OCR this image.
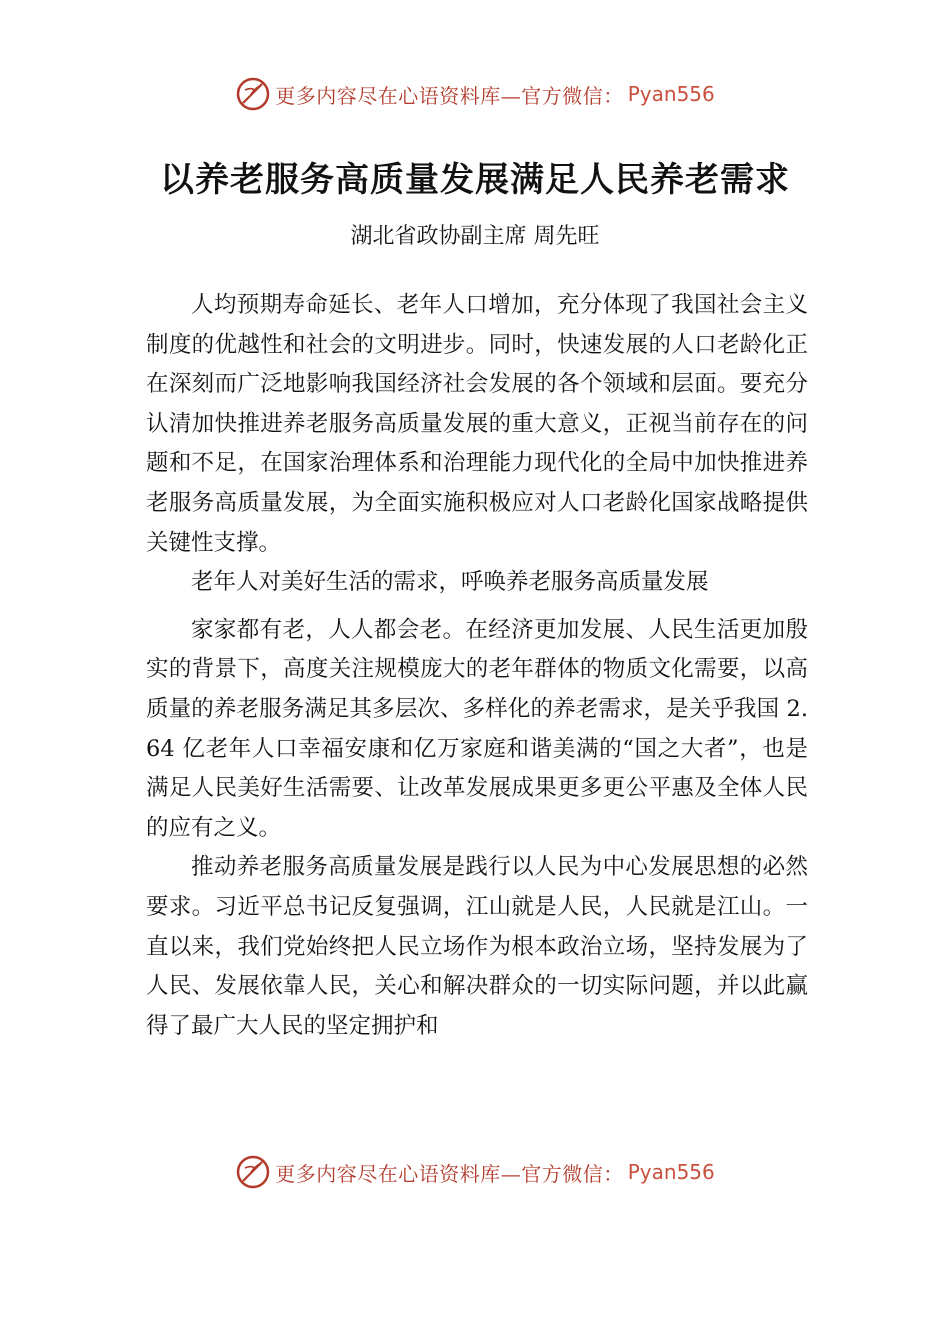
更多内容尽在心语资料库—官方微信： Pyan556
以养老服务高质量发展满足人民养老需求
湖北省政协副主席 周先旺

人均预期寿命延长、老年人口增加，充分体现了我国社会主义制度的优越性和社会的文明进步。同时，快速发展的人口老龄化正在深刻而广泛地影响我国经济社会发展的各个领域和层面。要充分认清加快推进养老服务高质量发展的重大意义，正视当前存在的问题和不足，在国家治理体系和治理能力现代化的全局中加快推进养老服务高质量发展，为全面实施积极应对人口老龄化国家战略提供关键性支撑。

老年人对美好生活的需求，呼唤养老服务高质量发展

家家都有老，人人都会老。在经济更加发展、人民生活更加殷实的背景下，高度关注规模庞大的老年群体的物质文化需要，以高质量的养老服务满足其多层次、多样化的养老需求，是关乎我国 2.64 亿老年人口幸福安康和亿万家庭和谐美满的“国之大者”，也是满足人民美好生活需要、让改革发展成果更多更公平惠及全体人民的应有之义。

推动养老服务高质量发展是践行以人民为中心发展思想的必然要求。习近平总书记反复强调，江山就是人民，人民就是江山。一直以来，我们党始终把人民立场作为根本政治立场，坚持发展为了人民、发展依靠人民，关心和解决群众的一切实际问题，并以此赢得了最广大人民的坚定拥护和

更多内容尽在心语资料库—官方微信： Pyan556
